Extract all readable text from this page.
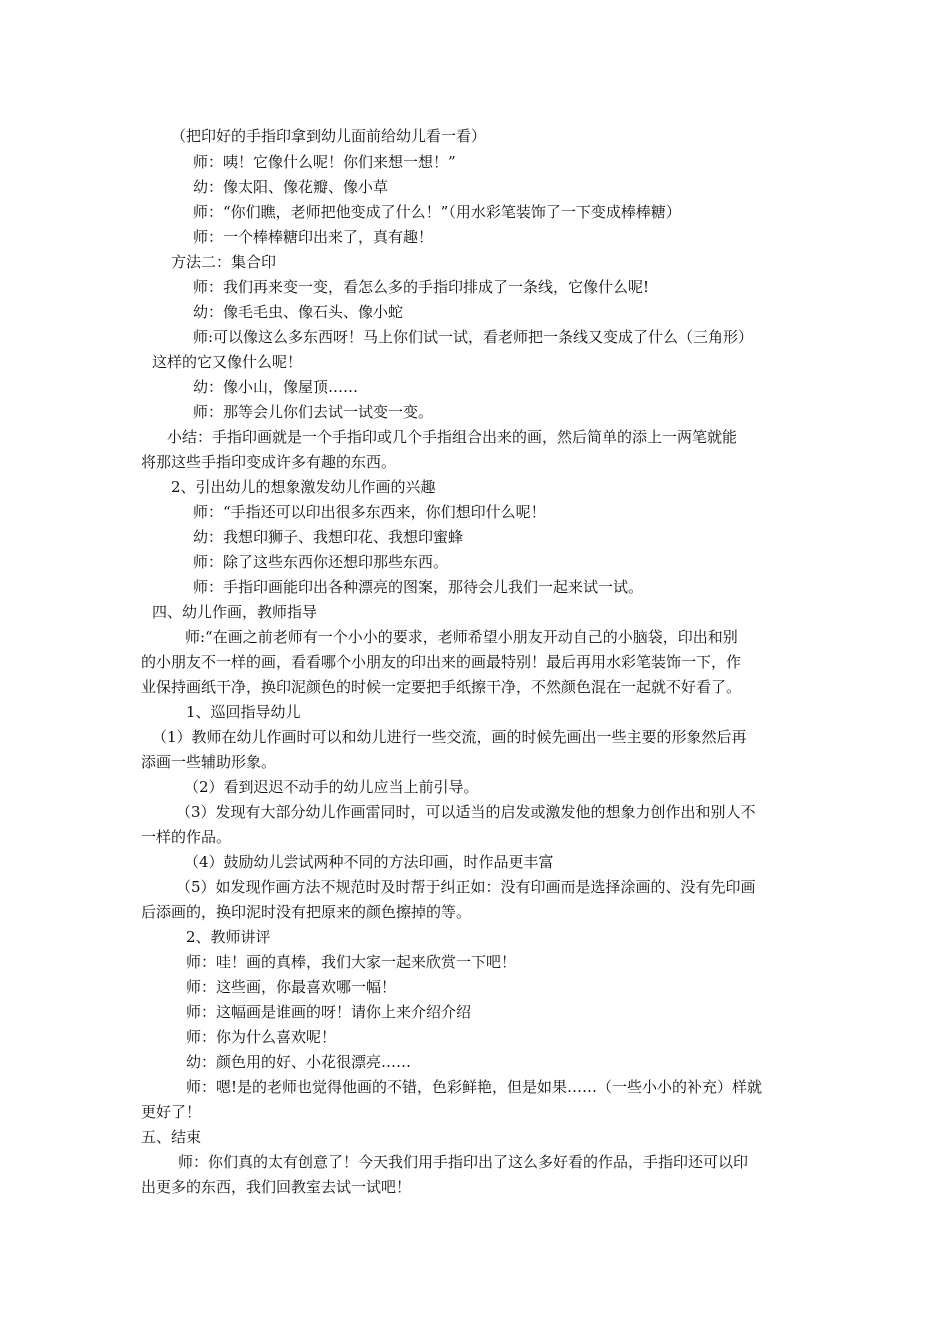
（把印好的手指印拿到幼儿面前给幼儿看一看）
师：咦！它像什么呢！你们来想一想！”
幼：像太阳、像花瓣、像小草
师：“你们瞧，老师把他变成了什么！”（用水彩笔装饰了一下变成棒棒糖）
师：一个棒棒糖印出来了，真有趣！
方法二：集合印
师：我们再来变一变，看怎么多的手指印排成了一条线，它像什么呢!
幼：像毛毛虫、像石头、像小蛇
师:可以像这么多东西呀！马上你们试一试，看老师把一条线又变成了什么（三角形）
这样的它又像什么呢！
幼：像小山，像屋顶……
师：那等会儿你们去试一试变一变。
小结：手指印画就是一个手指印或几个手指组合出来的画，然后简单的添上一两笔就能
将那这些手指印变成许多有趣的东西。
2、引出幼儿的想象激发幼儿作画的兴趣
师：“手指还可以印出很多东西来，你们想印什么呢！
幼：我想印狮子、我想印花、我想印蜜蜂
师：除了这些东西你还想印那些东西。
师：手指印画能印出各种漂亮的图案，那待会儿我们一起来试一试。
四、幼儿作画，教师指导
师:“在画之前老师有一个小小的要求，老师希望小朋友开动自己的小脑袋，印出和别
的小朋友不一样的画，看看哪个小朋友的印出来的画最特别！最后再用水彩笔装饰一下，作
业保持画纸干净，换印泥颜色的时候一定要把手纸擦干净，不然颜色混在一起就不好看了。
1、巡回指导幼儿
（1）教师在幼儿作画时可以和幼儿进行一些交流，画的时候先画出一些主要的形象然后再
添画一些辅助形象。
（2）看到迟迟不动手的幼儿应当上前引导。
（3）发现有大部分幼儿作画雷同时，可以适当的启发或激发他的想象力创作出和别人不
一样的作品。
（4）鼓励幼儿尝试两种不同的方法印画，时作品更丰富
（5）如发现作画方法不规范时及时帮于纠正如：没有印画而是选择涂画的、没有先印画
后添画的，换印泥时没有把原来的颜色擦掉的等。
2、教师讲评
师：哇！画的真棒，我们大家一起来欣赏一下吧！
师：这些画，你最喜欢哪一幅！
师：这幅画是谁画的呀！请你上来介绍介绍
师：你为什么喜欢呢！
幼：颜色用的好、小花很漂亮……
师：嗯!是的老师也觉得他画的不错，色彩鲜艳，但是如果……（一些小小的补充）样就
更好了！
五、结束
师：你们真的太有创意了！今天我们用手指印出了这么多好看的作品，手指印还可以印
出更多的东西，我们回教室去试一试吧！
